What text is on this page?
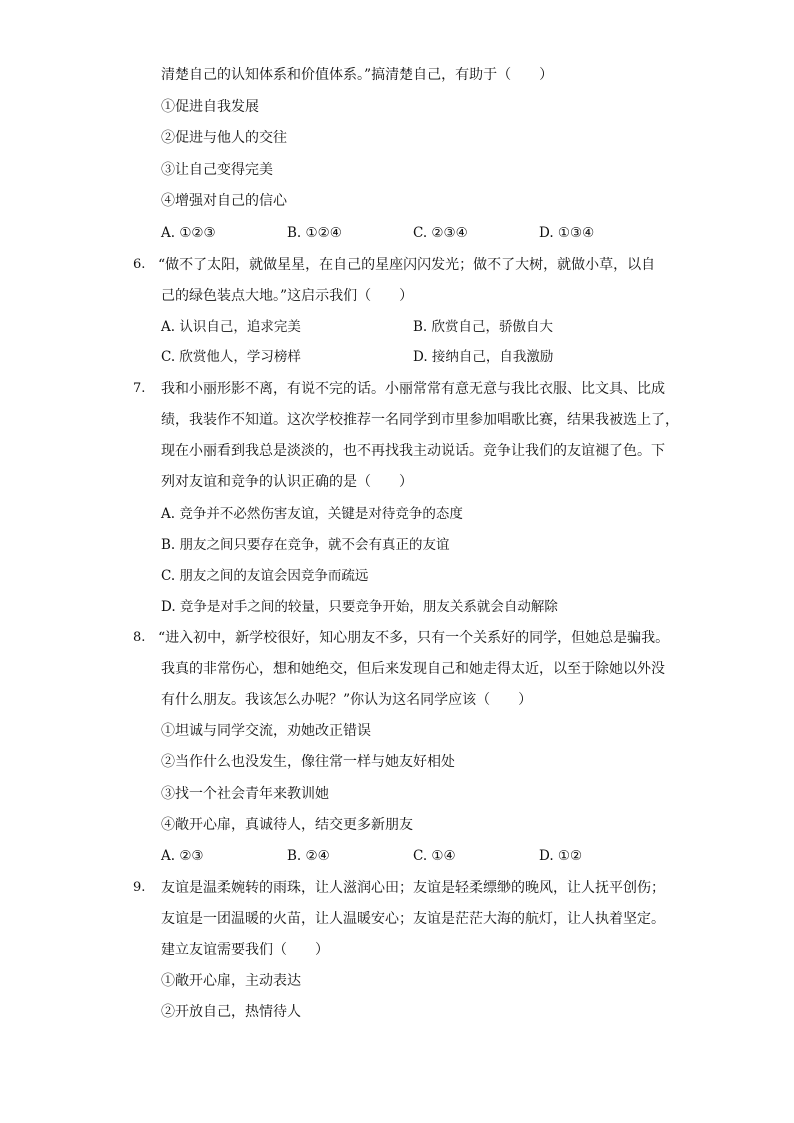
清楚自己的认知体系和价值体系。”搞清楚自己，有助于（　　）
①促进自我发展
②促进与他人的交往
③让自己变得完美
④增强对自己的信心
A. ①②③	B. ①②④	C. ②③④	D. ①③④
6. “做不了太阳，就做星星，在自己的星座闪闪发光；做不了大树，就做小草，以自
己的绿色装点大地。”这启示我们（　　）
A. 认识自己，追求完美	B. 欣赏自己，骄傲自大
C. 欣赏他人，学习榜样	D. 接纳自己，自我激励
7. 我和小丽形影不离，有说不完的话。小丽常常有意无意与我比衣服、比文具、比成
绩，我装作不知道。这次学校推荐一名同学到市里参加唱歌比赛，结果我被选上了，
现在小丽看到我总是淡淡的，也不再找我主动说话。竞争让我们的友谊褪了色。下
列对友谊和竞争的认识正确的是（　　）
A. 竞争并不必然伤害友谊，关键是对待竞争的态度
B. 朋友之间只要存在竞争，就不会有真正的友谊
C. 朋友之间的友谊会因竞争而疏远
D. 竞争是对手之间的较量，只要竞争开始，朋友关系就会自动解除
8. “进入初中，新学校很好，知心朋友不多，只有一个关系好的同学，但她总是骗我。
我真的非常伤心，想和她绝交，但后来发现自己和她走得太近，以至于除她以外没
有什么朋友。我该怎么办呢？”你认为这名同学应该（　　）
①坦诚与同学交流，劝她改正错误
②当作什么也没发生，像往常一样与她友好相处
③找一个社会青年来教训她
④敞开心扉，真诚待人，结交更多新朋友
A. ②③	B. ②④	C. ①④	D. ①②
9. 友谊是温柔婉转的雨珠，让人滋润心田；友谊是轻柔缥缈的晚风，让人抚平创伤；
友谊是一团温暖的火苗，让人温暖安心；友谊是茫茫大海的航灯，让人执着坚定。
建立友谊需要我们（　　）
①敞开心扉，主动表达
②开放自己，热情待人
